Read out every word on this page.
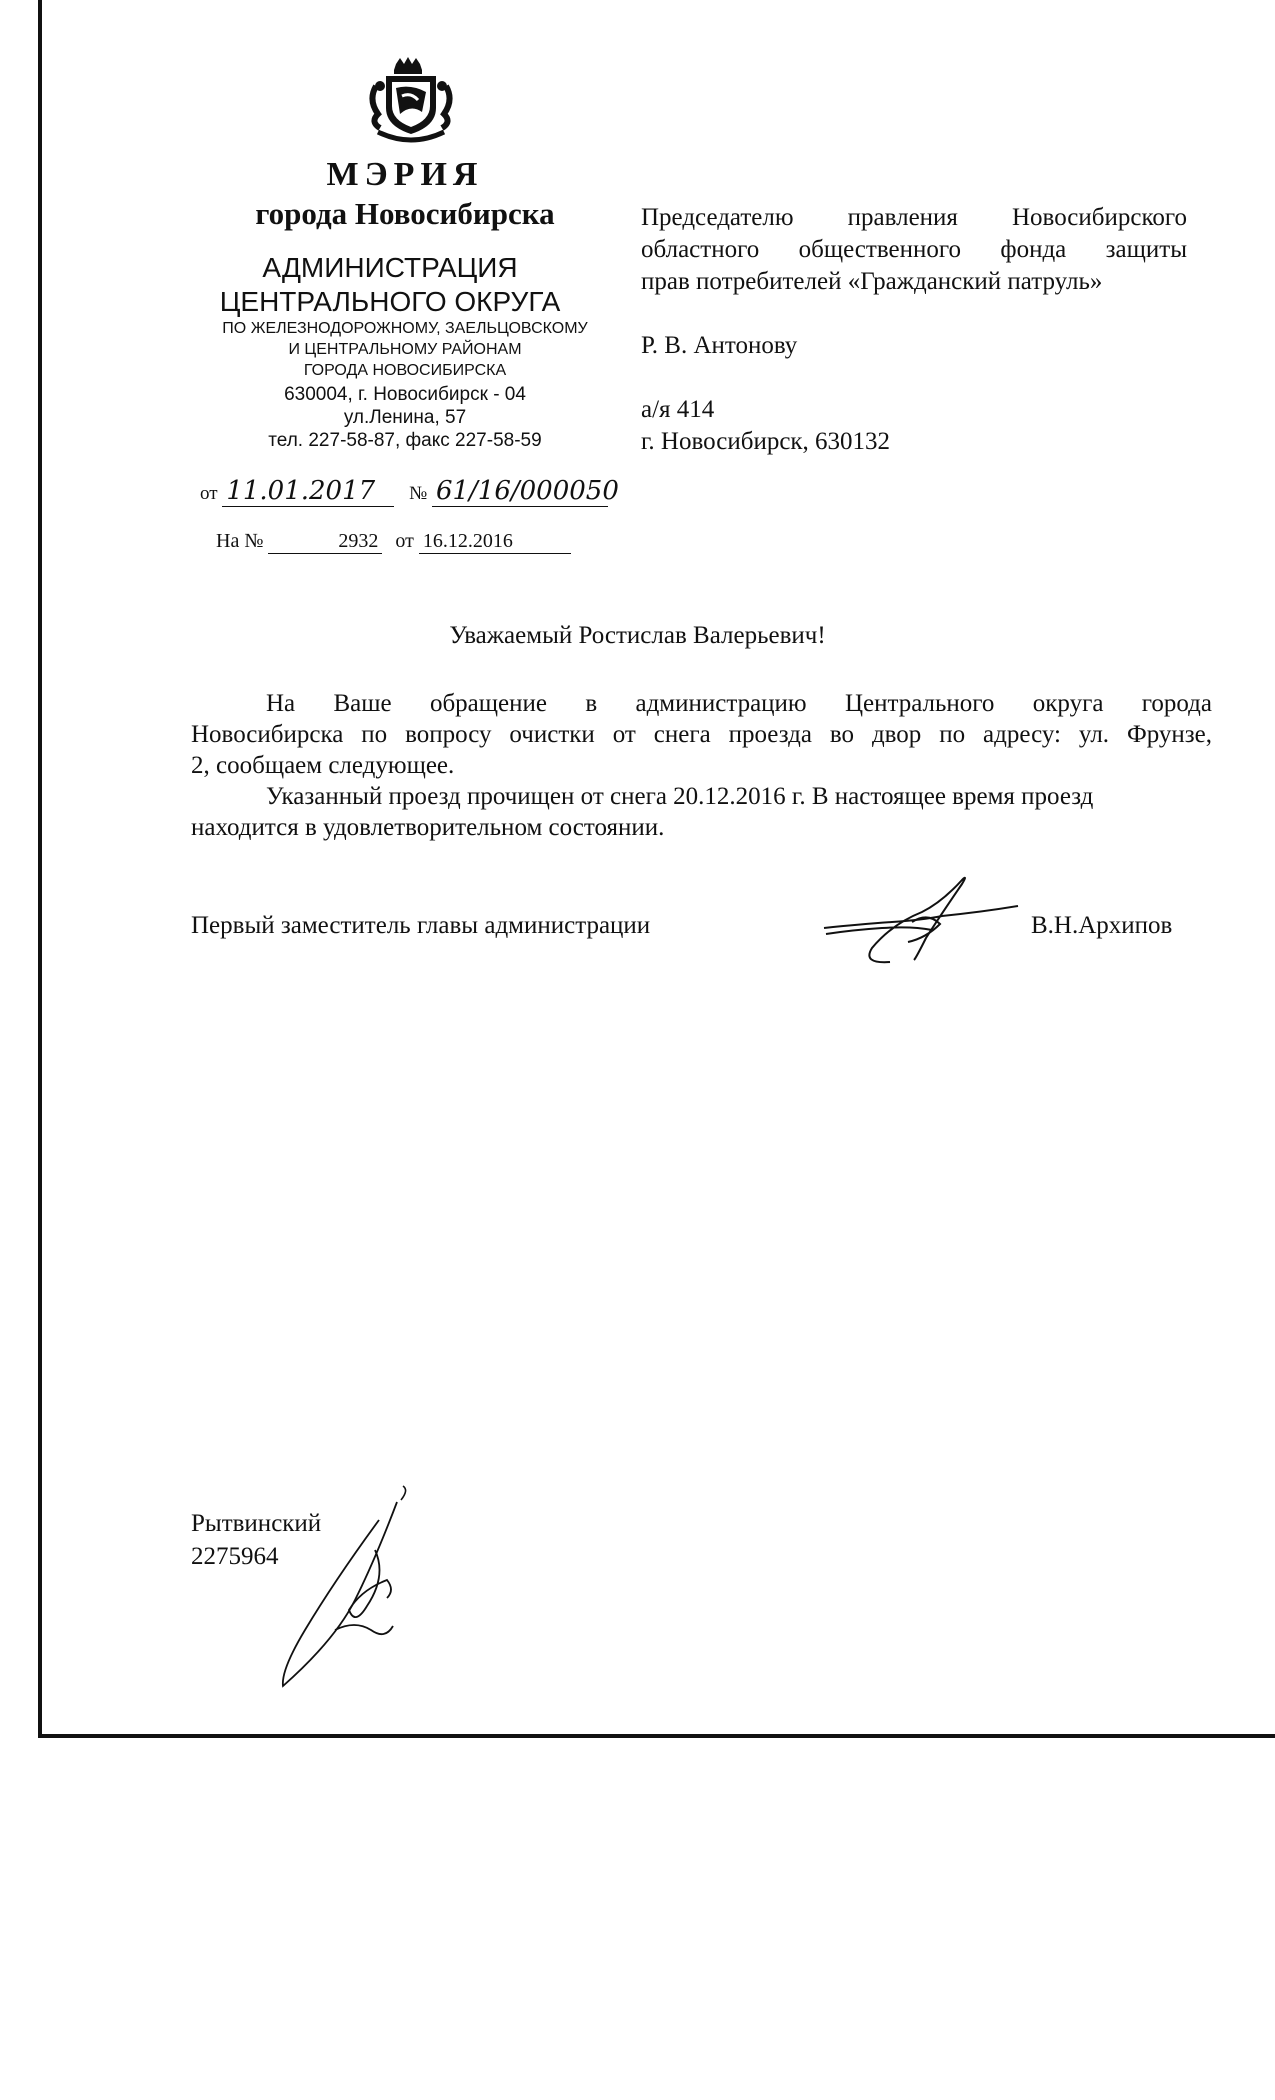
МЭРИЯ
города Новосибирска
АДМИНИСТРАЦИЯ
ЦЕНТРАЛЬНОГО ОКРУГА
ПО ЖЕЛЕЗНОДОРОЖНОМУ, ЗАЕЛЬЦОВСКОМУ
И ЦЕНТРАЛЬНОМУ РАЙОНАМ
ГОРОДА НОВОСИБИРСКА
630004, г. Новосибирск - 04
ул.Ленина, 57
тел. 227-58-87, факс 227-58-59
от 11.01.2017 № 61/16/000050
На №	2932 от 16.12.2016
Председателю правления Новосибирского
областного общественного фонда защиты
прав потребителей «Гражданский патруль»
Р. В. Антонову
а/я 414
г. Новосибирск, 630132
Уважаемый Ростислав Валерьевич!

На Ваше обращение в администрацию Центрального округа города

Новосибирска по вопросу очистки от снега проезда во двор по адресу: ул. Фрунзе,

2, сообщаем следующее.

Указанный проезд прочищен от снега 20.12.2016 г. В настоящее время проезд

находится в удовлетворительном состоянии.

Первый заместитель главы администрации	В.Н.Архипов
Рытвинский
2275964
